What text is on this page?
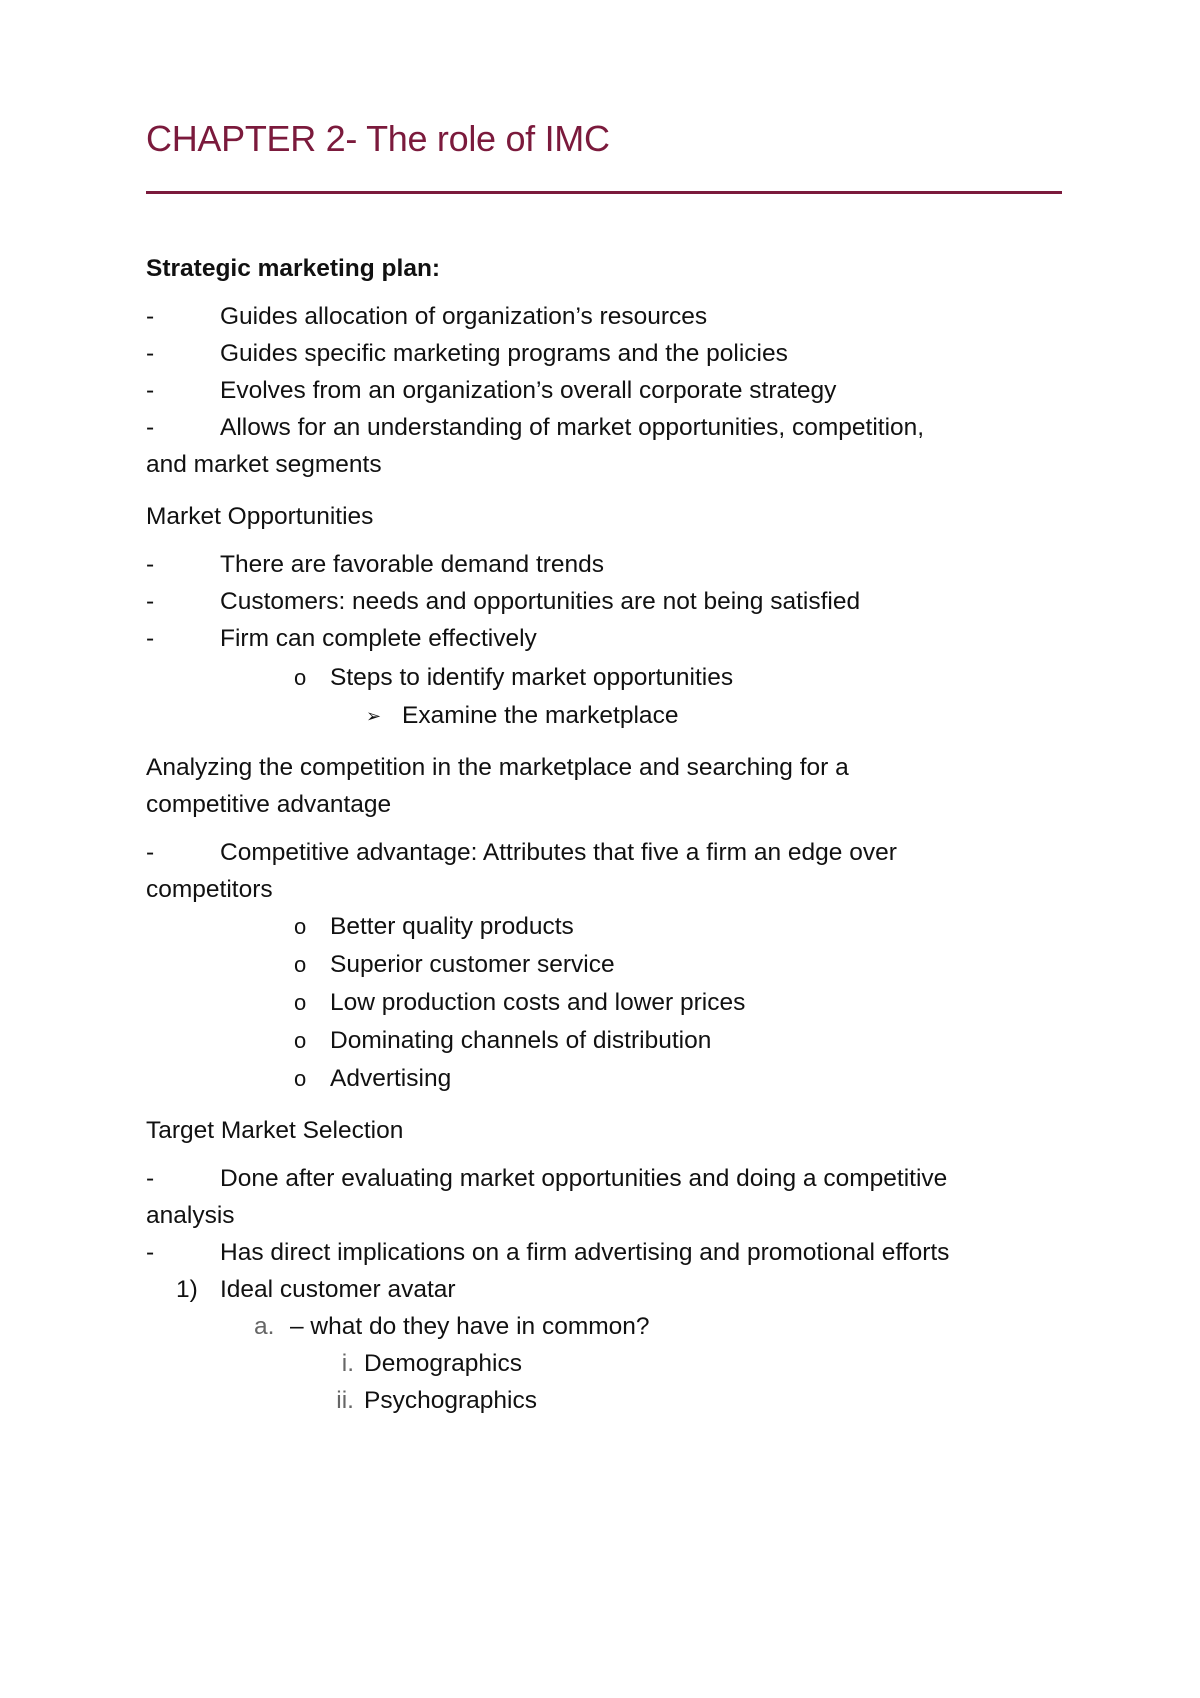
CHAPTER 2- The role of IMC
Strategic marketing plan:
-	Guides allocation of organization’s resources
-	Guides specific marketing programs and the policies
-	Evolves from an organization’s overall corporate strategy
-	Allows for an understanding of market opportunities, competition,
and market segments
Market Opportunities
-	There are favorable demand trends
-	Customers: needs and opportunities are not being satisfied
-	Firm can complete effectively
o Steps to identify market opportunities
➢ Examine the marketplace
Analyzing the competition in the marketplace and searching for a
competitive advantage
-	Competitive advantage: Attributes that five a firm an edge over
competitors
o Better quality products
o Superior customer service
o Low production costs and lower prices
o Dominating channels of distribution
o Advertising
Target Market Selection
-	Done after evaluating market opportunities and doing a competitive
analysis
-	Has direct implications on a firm advertising and promotional efforts
1) Ideal customer avatar
a. – what do they have in common?
i. Demographics
ii. Psychographics
